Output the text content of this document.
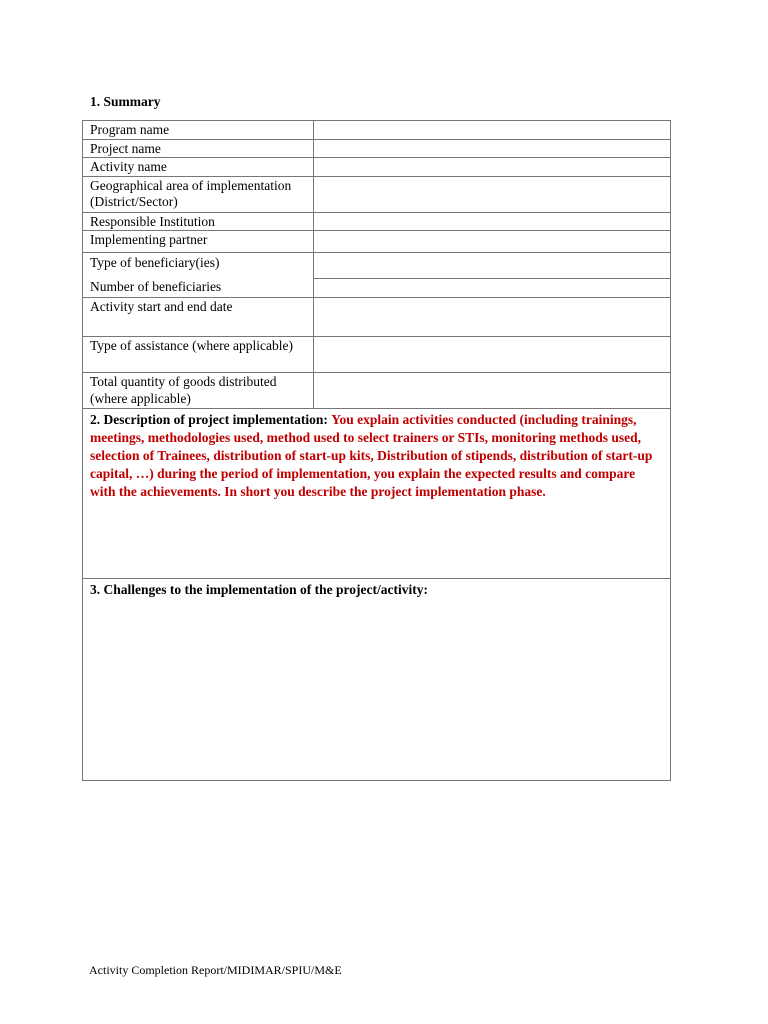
1. Summary
Program name	
Project name	
Activity name	
Geographical area of implementation (District/Sector)	
Responsible Institution	
Implementing partner	

Type of beneficiary(ies)
Number of beneficiaries	

Activity start and end date	
Type of assistance (where applicable)	
Total quantity of goods distributed (where applicable)	

2. Description of project implementation: You explain activities conducted (including trainings, meetings, methodologies used, method used to select trainers or STIs, monitoring methods used, selection of Trainees, distribution of start-up kits, Distribution of stipends, distribution of start-up capital, …) during the period of implementation, you explain the expected results and compare with the achievements. In short you describe the project implementation phase.	

3. Challenges to the implementation of the project/activity:	
Activity Completion Report/MIDIMAR/SPIU/M&E
